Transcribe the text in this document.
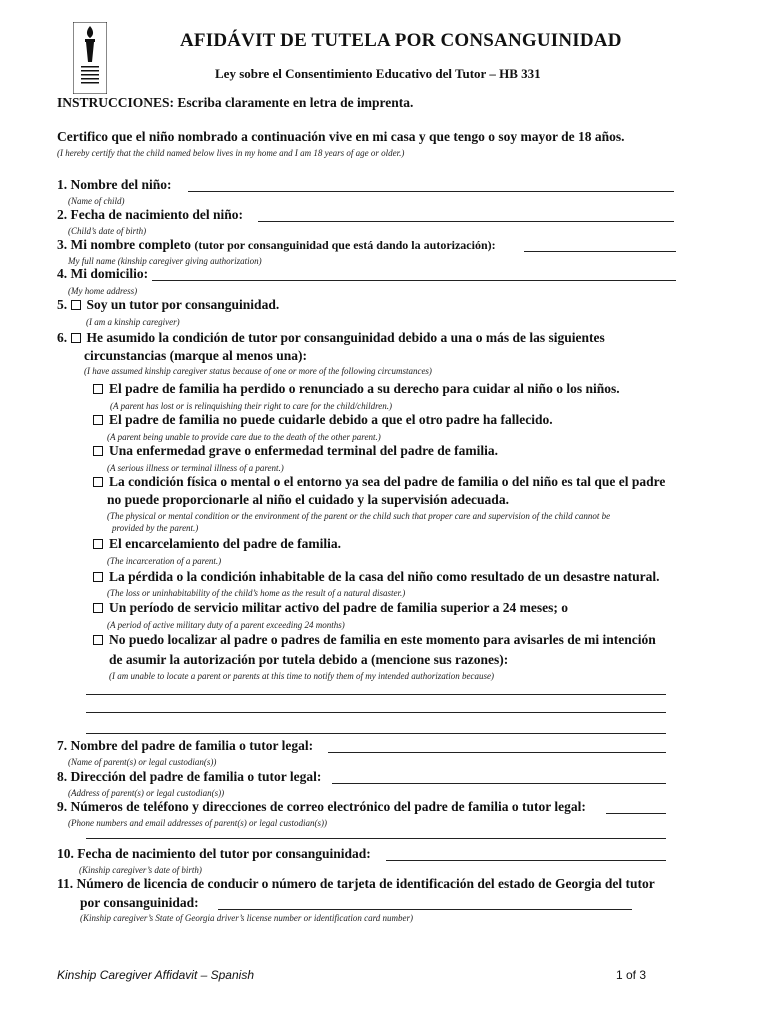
AFIDÁVIT DE TUTELA POR CONSANGUINIDAD
Ley sobre el Consentimiento Educativo del Tutor – HB 331
INSTRUCCIONES: Escriba claramente en letra de imprenta.
Certifico que el niño nombrado a continuación vive en mi casa y que tengo o soy mayor de 18 años.
(I hereby certify that the child named below lives in my home and I am 18 years of age or older.)
1. Nombre del niño:
(Name of child)
2. Fecha de nacimiento del niño:
(Child’s date of birth)
3. Mi nombre completo (tutor por consanguinidad que está dando la autorización):
My full name (kinship caregiver giving authorization)
4. Mi domicilio:
(My home address)
5. Soy un tutor por consanguinidad.
(I am a kinship caregiver)
6. He asumido la condición de tutor por consanguinidad debido a una o más de las siguientes
circunstancias (marque al menos una):
(I have assumed kinship caregiver status because of one or more of the following circumstances)
El padre de familia ha perdido o renunciado a su derecho para cuidar al niño o los niños.
(A parent has lost or is relinquishing their right to care for the child/children.)
El padre de familia no puede cuidarle debido a que el otro padre ha fallecido.
(A parent being unable to provide care due to the death of the other parent.)
Una enfermedad grave o enfermedad terminal del padre de familia.
(A serious illness or terminal illness of a parent.)
La condición física o mental o el entorno ya sea del padre de familia o del niño es tal que el padre
no puede proporcionarle al niño el cuidado y la supervisión adecuada.
(The physical or mental condition or the environment of the parent or the child such that proper care and supervision of the child cannot be
provided by the parent.)
El encarcelamiento del padre de familia.
(The incarceration of a parent.)
La pérdida o la condición inhabitable de la casa del niño como resultado de un desastre natural.
(The loss or uninhabitability of the child’s home as the result of a natural disaster.)
Un período de servicio militar activo del padre de familia superior a 24 meses; o
(A period of active military duty of a parent exceeding 24 months)
No puedo localizar al padre o padres de familia en este momento para avisarles de mi intención
de asumir la autorización por tutela debido a (mencione sus razones):
(I am unable to locate a parent or parents at this time to notify them of my intended authorization because)
7. Nombre del padre de familia o tutor legal:
(Name of parent(s) or legal custodian(s))
8. Dirección del padre de familia o tutor legal:
(Address of parent(s) or legal custodian(s))
9. Números de teléfono y direcciones de correo electrónico del padre de familia o tutor legal:
(Phone numbers and email addresses of parent(s) or legal custodian(s))
10. Fecha de nacimiento del tutor por consanguinidad:
(Kinship caregiver’s date of birth)
11. Número de licencia de conducir o número de tarjeta de identificación del estado de Georgia del tutor
por consanguinidad:
(Kinship caregiver’s State of Georgia driver’s license number or identification card number)
Kinship Caregiver Affidavit – Spanish	1 of 3
